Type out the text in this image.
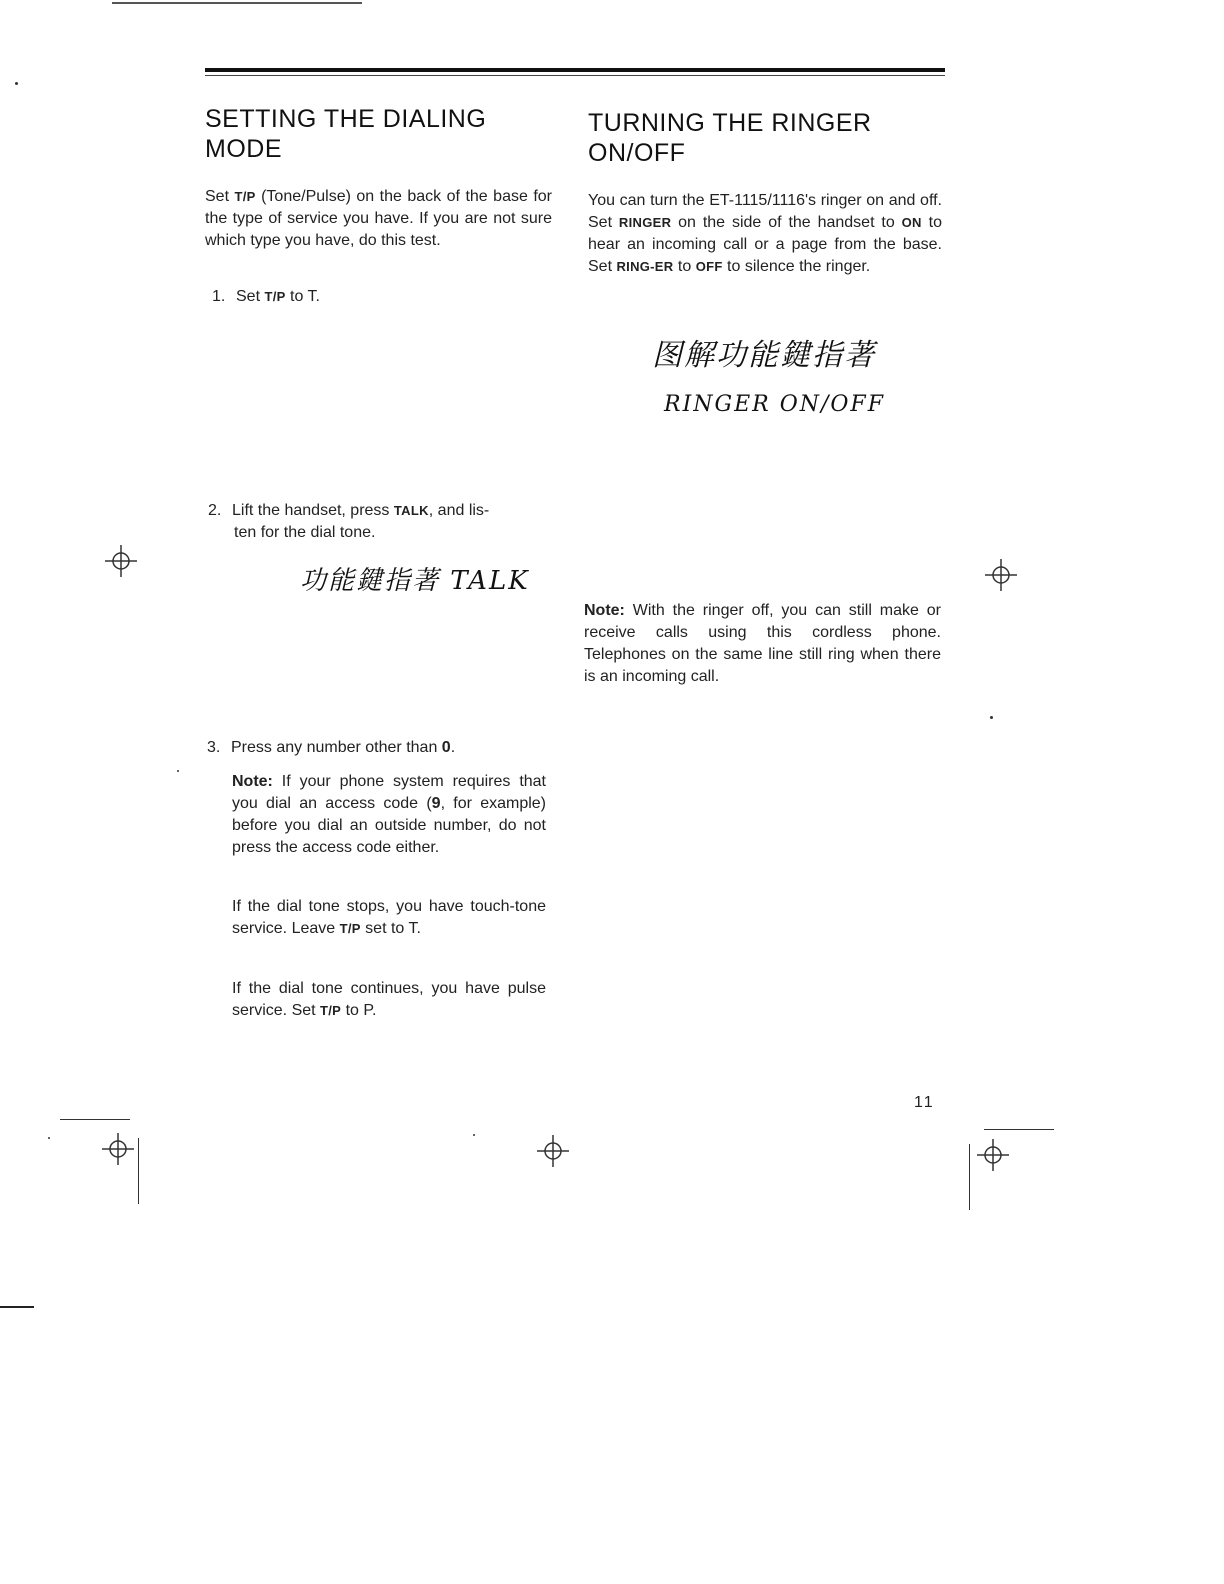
SETTING THE DIALING
MODE
Set T/P (Tone/Pulse) on the back of the base for the type of service you have. If you are not sure which type you have, do this test.
1. Set T/P to T.
2. Lift the handset, press TALK, and lis-
ten for the dial tone.
功能鍵指著 TALK
3. Press any number other than 0.
Note: If your phone system requires that you dial an access code (9, for example) before you dial an outside number, do not press the access code either.
If the dial tone stops, you have touch-tone service. Leave T/P set to T.
If the dial tone continues, you have pulse service. Set T/P to P.
TURNING THE RINGER
ON/OFF
You can turn the ET-1115/1116's ringer on and off. Set RINGER on the side of the handset to ON to hear an incoming call or a page from the base. Set RING-ER to OFF to silence the ringer.
图解功能鍵指著
RINGER ON/OFF
Note: With the ringer off, you can still make or receive calls using this cordless phone. Telephones on the same line still ring when there is an incoming call.
11
